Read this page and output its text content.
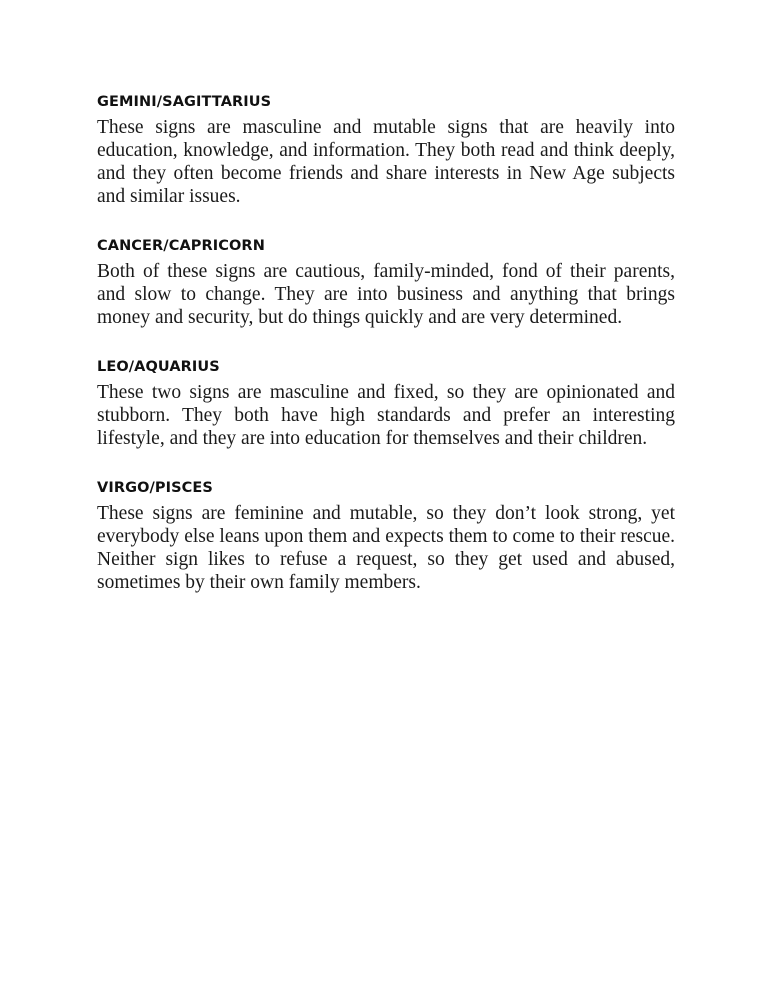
GEMINI/SAGITTARIUS

These signs are masculine and mutable signs that are heavily into education, knowledge, and information. They both read and think deeply, and they often become friends and share interests in New Age subjects and similar issues.

CANCER/CAPRICORN

Both of these signs are cautious, family-minded, fond of their parents, and slow to change. They are into business and anything that brings money and security, but do things quickly and are very determined.

LEO/AQUARIUS

These two signs are masculine and fixed, so they are opinionated and stubborn. They both have high standards and prefer an interesting lifestyle, and they are into education for themselves and their children.

VIRGO/PISCES

These signs are feminine and mutable, so they don’t look strong, yet everybody else leans upon them and expects them to come to their rescue. Neither sign likes to refuse a request, so they get used and abused, sometimes by their own family members.
